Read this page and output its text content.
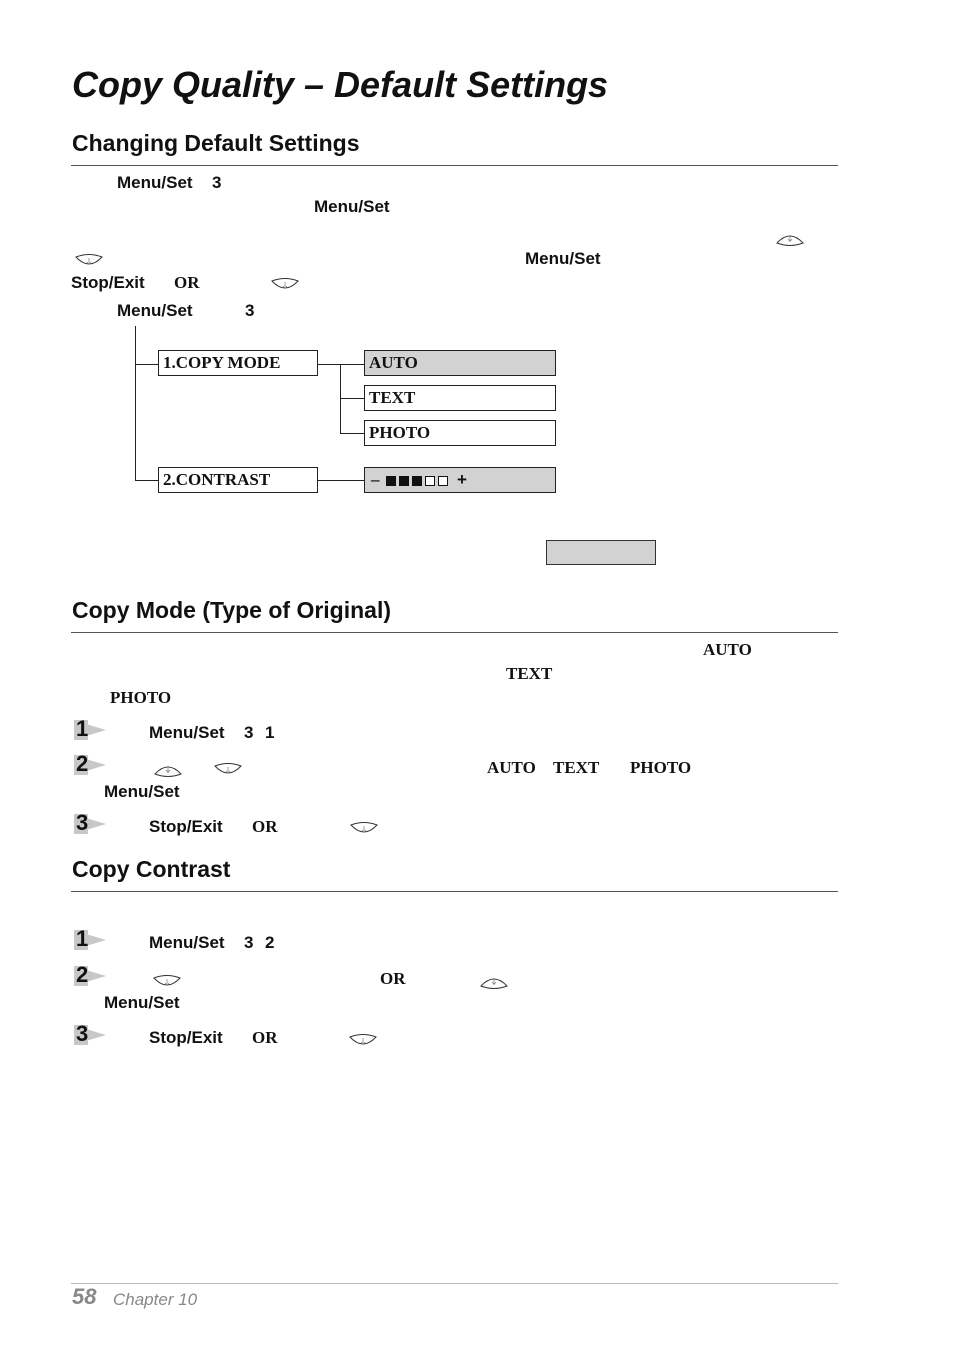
Copy Quality – Default Settings
Changing Default Settings
Menu/Set 3
Menu/Set
Menu/Set
Stop/Exit OR
Menu/Set	3
1.COPY MODE
2.CONTRAST
AUTO
TEXT
PHOTO
–	+
Copy Mode (Type of Original)
AUTO
TEXT
PHOTO
1	Menu/Set 3 1
2	AUTO TEXT PHOTO
Menu/Set
3	Stop/Exit OR
Copy Contrast
1	Menu/Set 3 2
2	OR
Menu/Set
3	Stop/Exit OR
58 Chapter 10
